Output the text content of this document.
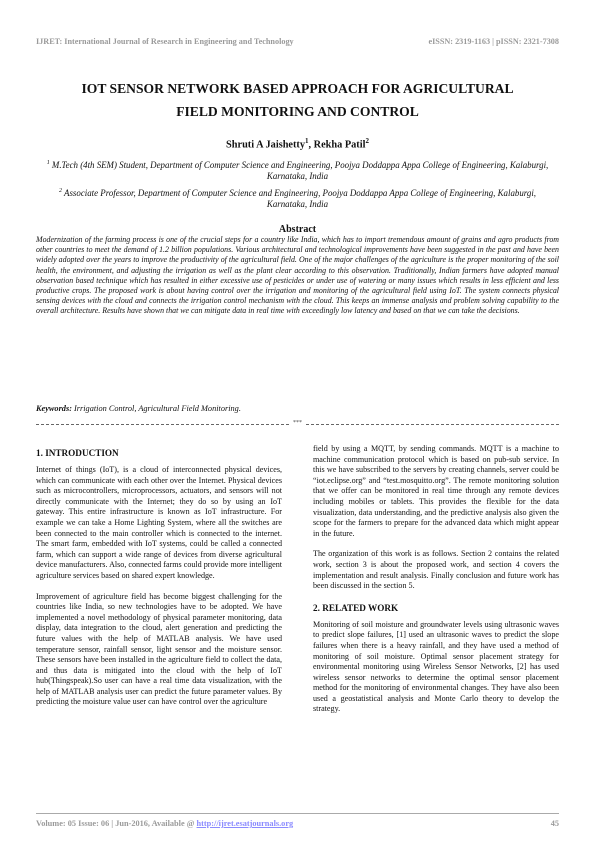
IJRET: International Journal of Research in Engineering and Technology	eISSN: 2319-1163 | pISSN: 2321-7308
IOT SENSOR NETWORK BASED APPROACH FOR AGRICULTURAL
FIELD MONITORING AND CONTROL
Shruti A Jaishetty$^1$, Rekha Patil$^2$
$^1$ M.Tech (4th SEM) Student, Department of Computer Science and Engineering, Poojya Doddappa Appa College of Engineering, Kalaburgi, Karnataka, India
$^2$ Associate Professor, Department of Computer Science and Engineering, Poojya Doddappa Appa College of Engineering, Kalaburgi, Karnataka, India
Abstract
Modernization of the farming process is one of the crucial steps for a country like India, which has to import tremendous amount of grains and agro products from other countries to meet the demand of 1.2 billion populations. Various architectural and technological improvements have been suggested in the past and have been widely adopted over the years to improve the productivity of the agricultural field. One of the major challenges of the agriculture is the proper monitoring of the soil health, the environment, and adjusting the irrigation as well as the plant clear according to this observation. Traditionally, Indian farmers have adopted manual observation based technique which has resulted in either excessive use of pesticides or under use of watering or many issues which results in less efficient and less productive crops. The proposed work is about having control over the irrigation and monitoring of the agricultural field using IoT. The system connects physical sensing devices with the cloud and connects the irrigation control mechanism with the cloud. This keeps an immense analysis and problem solving capability to the overall architecture. Results have shown that we can mitigate data in real time with exceedingly low latency and based on that we can take the decisions.
Keywords: Irrigation Control, Agricultural Field Monitoring.
***
1. INTRODUCTION

Internet of things (IoT), is a cloud of interconnected physical devices, which can communicate with each other over the Internet. Physical devices such as microcontrollers, microprocessors, actuators, and sensors will not directly communicate with the Internet; they do so by using an IoT gateway. This entire infrastructure is known as IoT infrastructure. For example we can take a Home Lighting System, where all the switches are been connected to the main controller which is connected to the internet. The smart farm, embedded with IoT systems, could be called a connected farm, which can support a wide range of devices from diverse agricultural device manufacturers. Also, connected farms could provide more intelligent agriculture services based on shared expert knowledge.

Improvement of agriculture field has become biggest challenging for the countries like India, so new technologies have to be adopted. We have implemented a novel methodology of physical parameter monitoring, data display, data integration to the cloud, alert generation and predicting the future values with the help of MATLAB analysis. We have used temperature sensor, rainfall sensor, light sensor and the moisture sensor. These sensors have been installed in the agriculture field to collect the data, and thus data is mitigated into the cloud with the help of IoT hub(Thingspeak).So user can have a real time data visualization, with the help of MATLAB analysis user can predict the future parameter values. By predicting the moisture value user can have control over the agriculture

field by using a MQTT, by sending commands. MQTT is a machine to machine communication protocol which is based on pub-sub service. In this we have subscribed to the servers by creating channels, server could be “iot.eclipse.org” and “test.mosquitto.org”. The remote monitoring solution that we offer can be monitored in real time through any remote devices including mobiles or tablets. This provides the flexible for the data visualization, data understanding, and the predictive analysis also given the scope for the farmers to prepare for the advanced data which might appear in the future.

The organization of this work is as follows. Section 2 contains the related work, section 3 is about the proposed work, and section 4 covers the implementation and result analysis. Finally conclusion and future work has been discussed in the section 5.

2. RELATED WORK

Monitoring of soil moisture and groundwater levels using ultrasonic waves to predict slope failures, [1] used an ultrasonic waves to predict the slope failures when there is a heavy rainfall, and they have used a method of monitoring of soil moisture. Optimal sensor placement strategy for environmental monitoring using Wireless Sensor Networks, [2] has used wireless sensor networks to determine the optimal sensor placement method for the monitoring of environmental changes. They have also been used a geostatistical analysis and Monte Carlo theory to develop the strategy.

Volume: 05 Issue: 06 | Jun-2016, Available @ http://ijret.esatjournals.org	45
